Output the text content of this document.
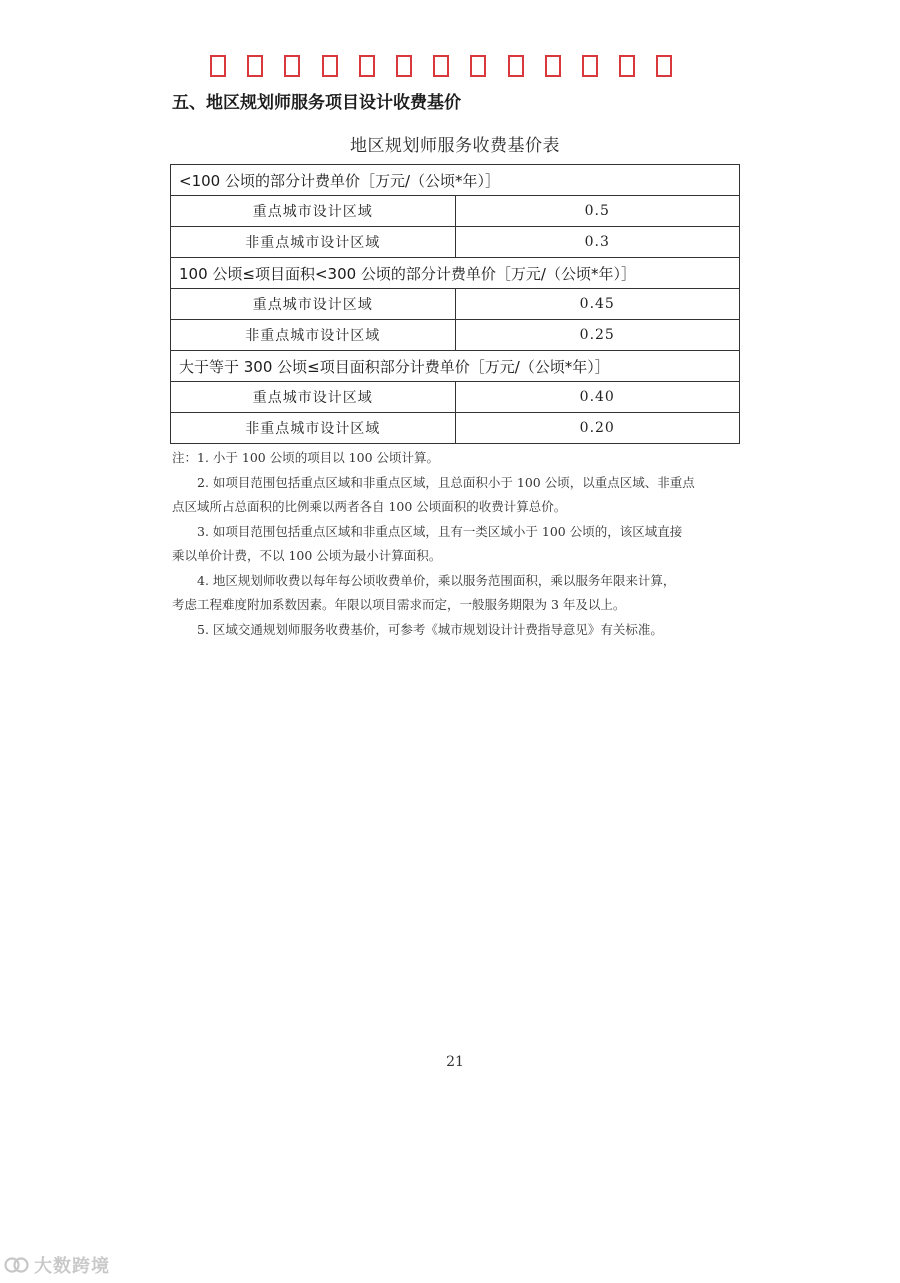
五、地区规划师服务项目设计收费基价
地区规划师服务收费基价表
<100 公顷的部分计费单价［万元/（公顷*年）］	
重点城市设计区域	0.5
非重点城市设计区域	0.3
100 公顷≤项目面积<300 公顷的部分计费单价［万元/（公顷*年）］	
重点城市设计区域	0.45
非重点城市设计区域	0.25
大于等于 300 公顷≤项目面积部分计费单价［万元/（公顷*年）］	
重点城市设计区域	0.40
非重点城市设计区域	0.20
注：1. 小于 100 公顷的项目以 100 公顷计算。
2. 如项目范围包括重点区域和非重点区域，且总面积小于 100 公顷，以重点区域、非重点
点区域所占总面积的比例乘以两者各自 100 公顷面积的收费计算总价。
3. 如项目范围包括重点区域和非重点区域，且有一类区域小于 100 公顷的，该区域直接
乘以单价计费，不以 100 公顷为最小计算面积。
4. 地区规划师收费以每年每公顷收费单价，乘以服务范围面积，乘以服务年限来计算，
考虑工程难度附加系数因素。年限以项目需求而定，一般服务期限为 3 年及以上。
5. 区域交通规划师服务收费基价，可参考《城市规划设计计费指导意见》有关标准。
21
大数跨境
